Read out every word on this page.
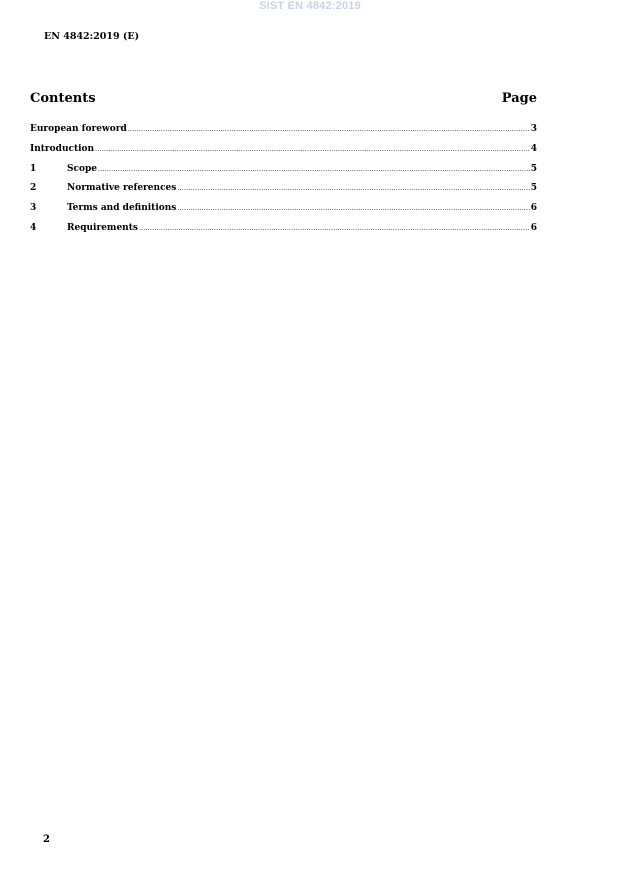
SIST EN 4842:2019
EN 4842:2019 (E)
Contents	Page
European foreword .....	3
Introduction .....	4
1	Scope .....	5
2	Normative references .....	5
3	Terms and definitions .....	6
4	Requirements .....	6
2
